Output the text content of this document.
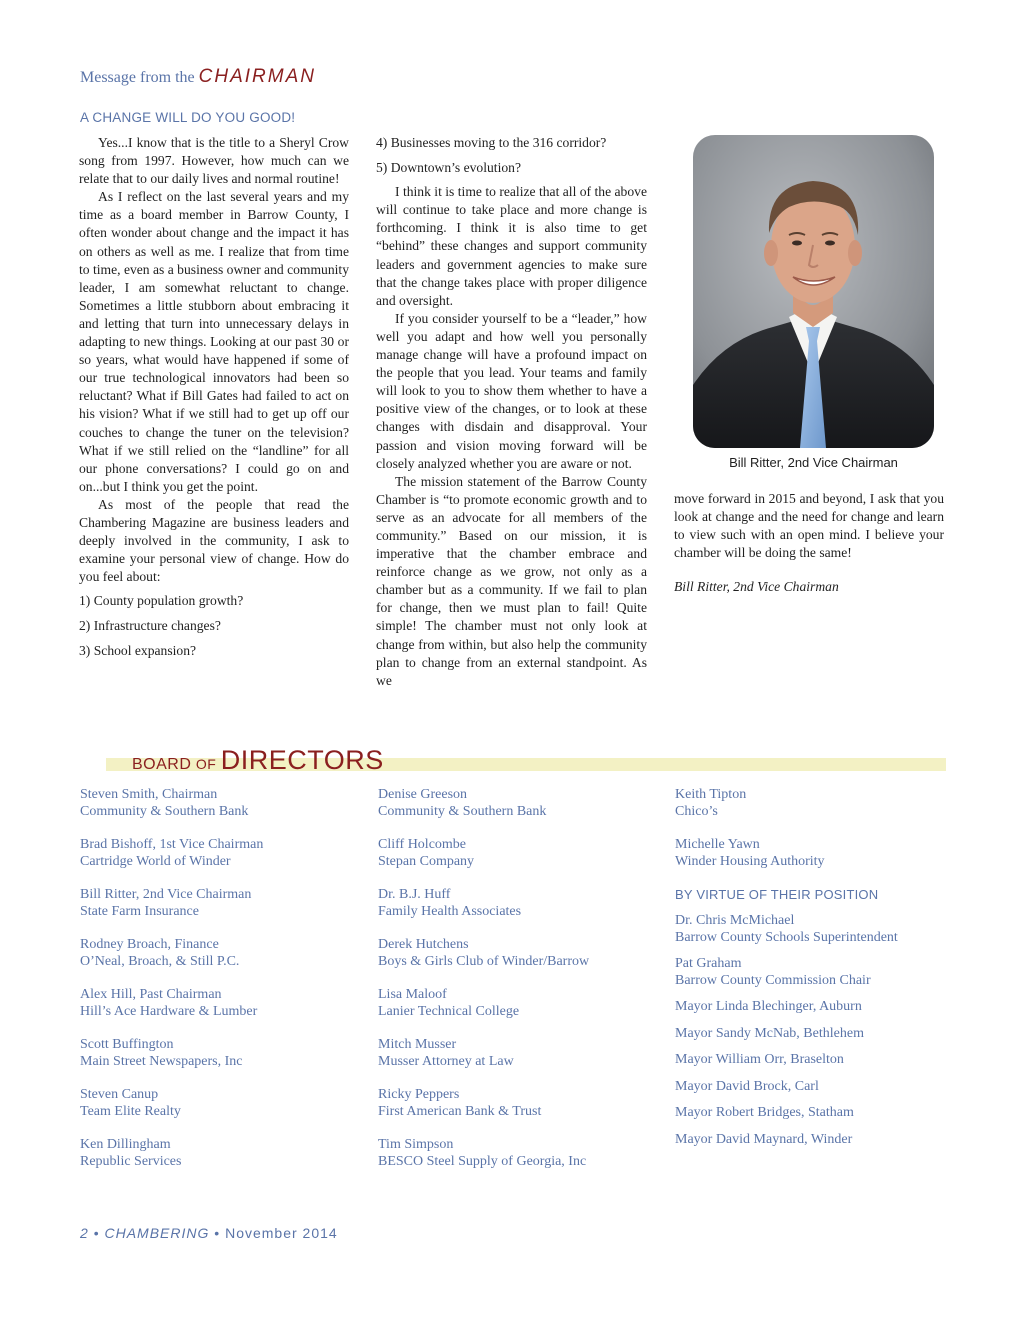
Message from the CHAIRMAN
A CHANGE WILL DO YOU GOOD!

Yes...I know that is the title to a Sheryl Crow song from 1997. However, how much can we relate that to our daily lives and normal routine!

As I reflect on the last several years and my time as a board member in Barrow County, I often wonder about change and the impact it has on others as well as me. I realize that from time to time, even as a business owner and community leader, I am somewhat reluctant to change. Sometimes a little stubborn about embracing it and letting that turn into unnecessary delays in adapting to new things. Looking at our past 30 or so years, what would have happened if some of our true technological innovators had been so reluctant? What if Bill Gates had failed to act on his vision? What if we still had to get up off our couches to change the tuner on the television? What if we still relied on the “landline” for all our phone conversations? I could go on and on...but I think you get the point.

As most of the people that read the Chambering Magazine are business leaders and deeply involved in the community, I ask to examine your personal view of change. How do you feel about:

1) County population growth?

2) Infrastructure changes?

3) School expansion?

4) Businesses moving to the 316 corridor?

5) Downtown’s evolution?

I think it is time to realize that all of the above will continue to take place and more change is forthcoming. I think it is also time to get “behind” these changes and support community leaders and government agencies to make sure that the change takes place with proper diligence and oversight.

If you consider yourself to be a “leader,” how well you adapt and how well you personally manage change will have a profound impact on the people that you lead. Your teams and family will look to you to show them whether to have a positive view of the changes, or to look at these changes with disdain and disapproval. Your passion and vision moving forward will be closely analyzed whether you are aware or not.

The mission statement of the Barrow County Chamber is “to promote economic growth and to serve as an advocate for all members of the community.” Based on our mission, it is imperative that the chamber embrace and reinforce change as we grow, not only as a chamber but as a community. If we fail to plan for change, then we must plan to fail! Quite simple! The chamber must not only look at change from within, but also help the community plan to change from an external standpoint. As we

Bill Ritter, 2nd Vice Chairman

move forward in 2015 and beyond, I ask that you look at change and the need for change and learn to view such with an open mind. I believe your chamber will be doing the same!

Bill Ritter, 2nd Vice Chairman

BOARD OF DIRECTORS
Steven Smith, Chairman
Community & Southern Bank
Brad Bishoff, 1st Vice Chairman
Cartridge World of Winder
Bill Ritter, 2nd Vice Chairman
State Farm Insurance
Rodney Broach, Finance
O’Neal, Broach, & Still P.C.
Alex Hill, Past Chairman
Hill’s Ace Hardware & Lumber
Scott Buffington
Main Street Newspapers, Inc
Steven Canup
Team Elite Realty
Ken Dillingham
Republic Services
Denise Greeson
Community & Southern Bank
Cliff Holcombe
Stepan Company
Dr. B.J. Huff
Family Health Associates
Derek Hutchens
Boys & Girls Club of Winder/Barrow
Lisa Maloof
Lanier Technical College
Mitch Musser
Musser Attorney at Law
Ricky Peppers
First American Bank & Trust
Tim Simpson
BESCO Steel Supply of Georgia, Inc
Keith Tipton
Chico’s
Michelle Yawn
Winder Housing Authority
BY VIRTUE OF THEIR POSITION
Dr. Chris McMichael
Barrow County Schools Superintendent
Pat Graham
Barrow County Commission Chair
Mayor Linda Blechinger, Auburn
Mayor Sandy McNab, Bethlehem
Mayor William Orr, Braselton
Mayor David Brock, Carl
Mayor Robert Bridges, Statham
Mayor David Maynard, Winder
2 • CHAMBERING • November 2014
